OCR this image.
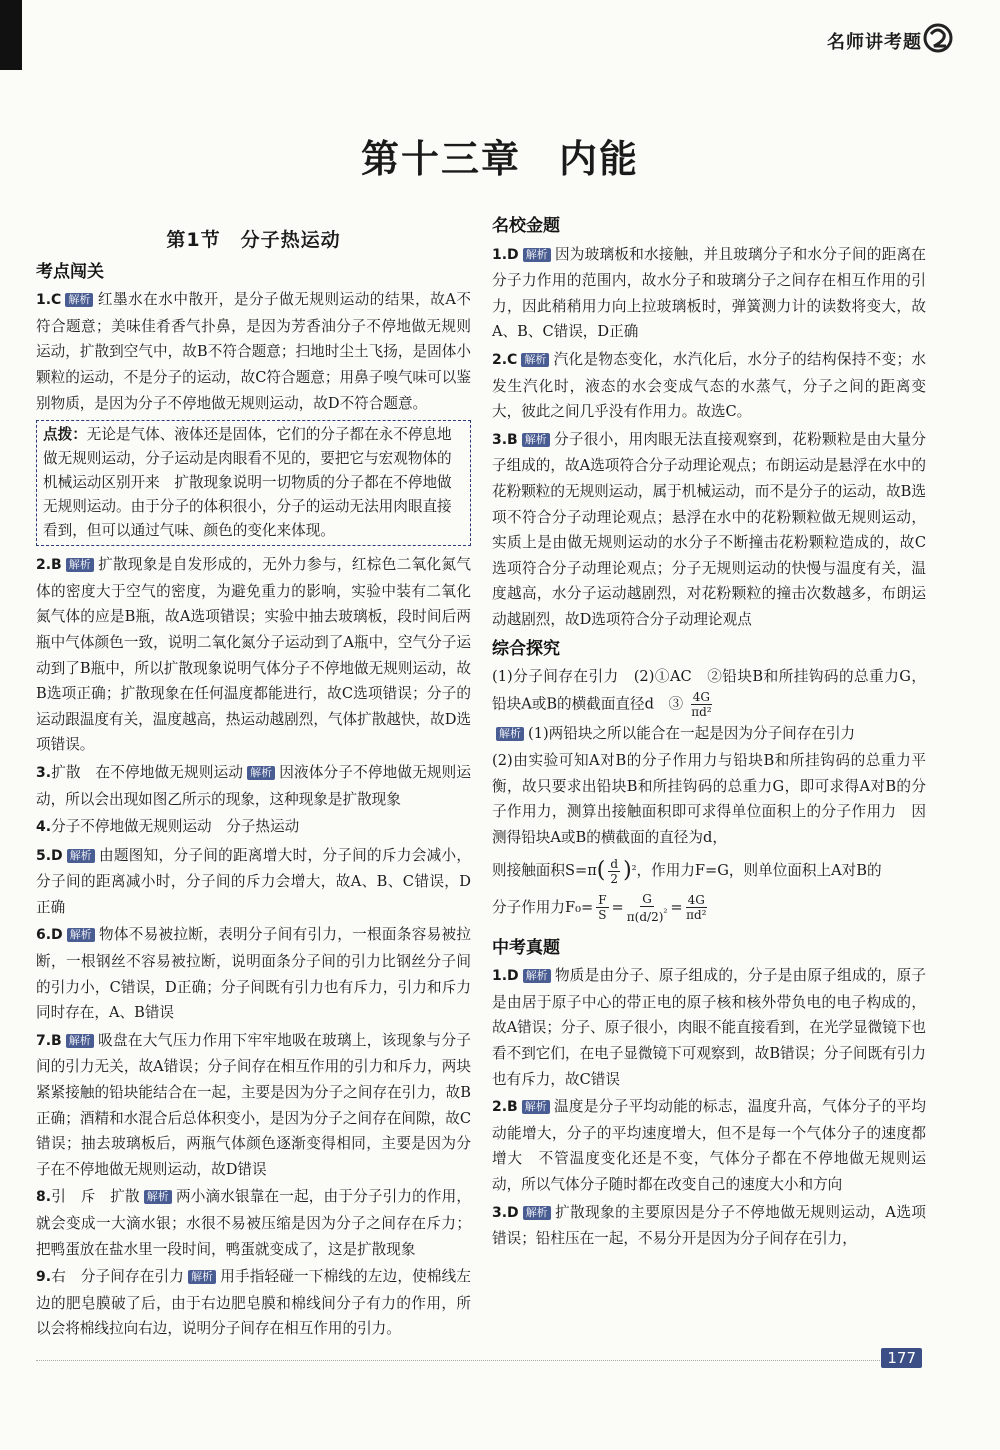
名师讲考题
第十三章 内能
第1节　分子热运动
考点闯关
1.C 解析 红墨水在水中散开，是分子做无规则运动的结果，故A不符合题意；美味佳肴香气扑鼻，是因为芳香油分子不停地做无规则运动，扩散到空气中，故B不符合题意；扫地时尘土飞扬，是固体小颗粒的运动，不是分子的运动，故C符合题意；用鼻子嗅气味可以鉴别物质，是因为分子不停地做无规则运动，故D不符合题意。
点拨：无论是气体、液体还是固体，它们的分子都在永不停息地做无规则运动，分子运动是肉眼看不见的，要把它与宏观物体的机械运动区别开来　扩散现象说明一切物质的分子都在不停地做无规则运动。由于分子的体积很小，分子的运动无法用肉眼直接看到，但可以通过气味、颜色的变化来体现。
2.B 解析 扩散现象是自发形成的，无外力参与，红棕色二氧化氮气体的密度大于空气的密度，为避免重力的影响，实验中装有二氧化氮气体的应是B瓶，故A选项错误；实验中抽去玻璃板，段时间后两瓶中气体颜色一致，说明二氧化氮分子运动到了A瓶中，空气分子运动到了B瓶中，所以扩散现象说明气体分子不停地做无规则运动，故B选项正确；扩散现象在任何温度都能进行，故C选项错误；分子的运动跟温度有关，温度越高，热运动越剧烈，气体扩散越快，故D选项错误。
3.扩散　在不停地做无规则运动 解析 因液体分子不停地做无规则运动，所以会出现如图乙所示的现象，这种现象是扩散现象
4.分子不停地做无规则运动　分子热运动
5.D 解析 由题图知，分子间的距离增大时，分子间的斥力会减小，分子间的距离减小时，分子间的斥力会增大，故A、B、C错误，D正确
6.D 解析 物体不易被拉断，表明分子间有引力，一根面条容易被拉断，一根钢丝不容易被拉断，说明面条分子间的引力比钢丝分子间的引力小，C错误，D正确；分子间既有引力也有斥力，引力和斥力同时存在，A、B错误
7.B 解析 吸盘在大气压力作用下牢牢地吸在玻璃上，该现象与分子间的引力无关，故A错误；分子间存在相互作用的引力和斥力，两块紧紧接触的铅块能结合在一起，主要是因为分子之间存在引力，故B正确；酒精和水混合后总体积变小，是因为分子之间存在间隙，故C错误；抽去玻璃板后，两瓶气体颜色逐渐变得相同，主要是因为分子在不停地做无规则运动，故D错误
8.引　斥　扩散 解析 两小滴水银靠在一起，由于分子引力的作用，就会变成一大滴水银；水很不易被压缩是因为分子之间存在斥力；把鸭蛋放在盐水里一段时间，鸭蛋就变成了，这是扩散现象
9.右　分子间存在引力 解析 用手指轻碰一下棉线的左边，使棉线左边的肥皂膜破了后，由于右边肥皂膜和棉线间分子有力的作用，所以会将棉线拉向右边，说明分子间存在相互作用的引力。
名校金题
1.D 解析 因为玻璃板和水接触，并且玻璃分子和水分子间的距离在分子力作用的范围内，故水分子和玻璃分子之间存在相互作用的引力，因此稍稍用力向上拉玻璃板时，弹簧测力计的读数将变大，故A、B、C错误，D正确
2.C 解析 汽化是物态变化，水汽化后，水分子的结构保持不变；水发生汽化时，液态的水会变成气态的水蒸气，分子之间的距离变大，彼此之间几乎没有作用力。故选C。
3.B 解析 分子很小，用肉眼无法直接观察到，花粉颗粒是由大量分子组成的，故A选项符合分子动理论观点；布朗运动是悬浮在水中的花粉颗粒的无规则运动，属于机械运动，而不是分子的运动，故B选项不符合分子动理论观点；悬浮在水中的花粉颗粒做无规则运动，实质上是由做无规则运动的水分子不断撞击花粉颗粒造成的，故C选项符合分子动理论观点；分子无规则运动的快慢与温度有关，温度越高，水分子运动越剧烈，对花粉颗粒的撞击次数越多，布朗运动越剧烈，故D选项符合分子动理论观点
综合探究
(1)分子间存在引力　(2)①AC　②铅块B和所挂钩码的总重力G，铅块A或B的横截面直径d　③ $\frac{4G}{\text{πd²}}$
解析 (1)两铅块之所以能合在一起是因为分子间存在引力
(2)由实验可知A对B的分子作用力与铅块B和所挂钩码的总重力平衡，故只要求出铅块B和所挂钩码的总重力G，即可求得A对B的分子作用力，测算出接触面积即可求得单位面积上的分子作用力　因测得铅块A或B的横截面的直径为d，
则接触面积S= π ( $\frac{d}{2}$ ) ² ，作用力F=G，则单位面积上A对B的
分子作用力$F_0= \frac{F}{S} = \frac{G}{\pi(d/2)^{^2}} = \frac{4G}{\text{πd²}}$
中考真题
1.D 解析 物质是由分子、原子组成的，分子是由原子组成的，原子是由居于原子中心的带正电的原子核和核外带负电的电子构成的，故A错误；分子、原子很小，肉眼不能直接看到，在光学显微镜下也看不到它们，在电子显微镜下可观察到，故B错误；分子间既有引力也有斥力，故C错误
2.B 解析 温度是分子平均动能的标志，温度升高，气体分子的平均动能增大，分子的平均速度增大，但不是每一个气体分子的速度都增大　不管温度变化还是不变，气体分子都在不停地做无规则运动，所以气体分子随时都在改变自己的速度大小和方向
3.D 解析 扩散现象的主要原因是分子不停地做无规则运动，A选项错误；铅柱压在一起，不易分开是因为分子间存在引力，
177
